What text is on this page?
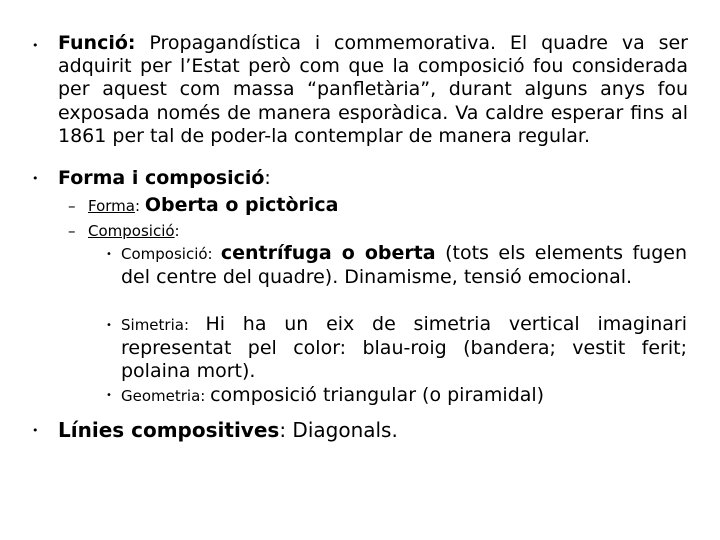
• Funció: Propagandística i commemorativa. El quadre va ser adquirit per l’Estat però com que la composició fou considerada per aquest com massa “panfletària”, durant alguns anys fou exposada només de manera esporàdica. Va caldre esperar fins al 1861 per tal de poder-la contemplar de manera regular.

• Forma i composició:

– Forma: Oberta o pictòrica

– Composició:

• Composició: centrífuga o oberta (tots els elements fugen del centre del quadre). Dinamisme, tensió emocional.

• Simetria: Hi ha un eix de simetria vertical imaginari representat pel color: blau-roig (bandera; vestit ferit; polaina mort).

• Geometria: composició triangular (o piramidal)

• Línies compositives: Diagonals.
